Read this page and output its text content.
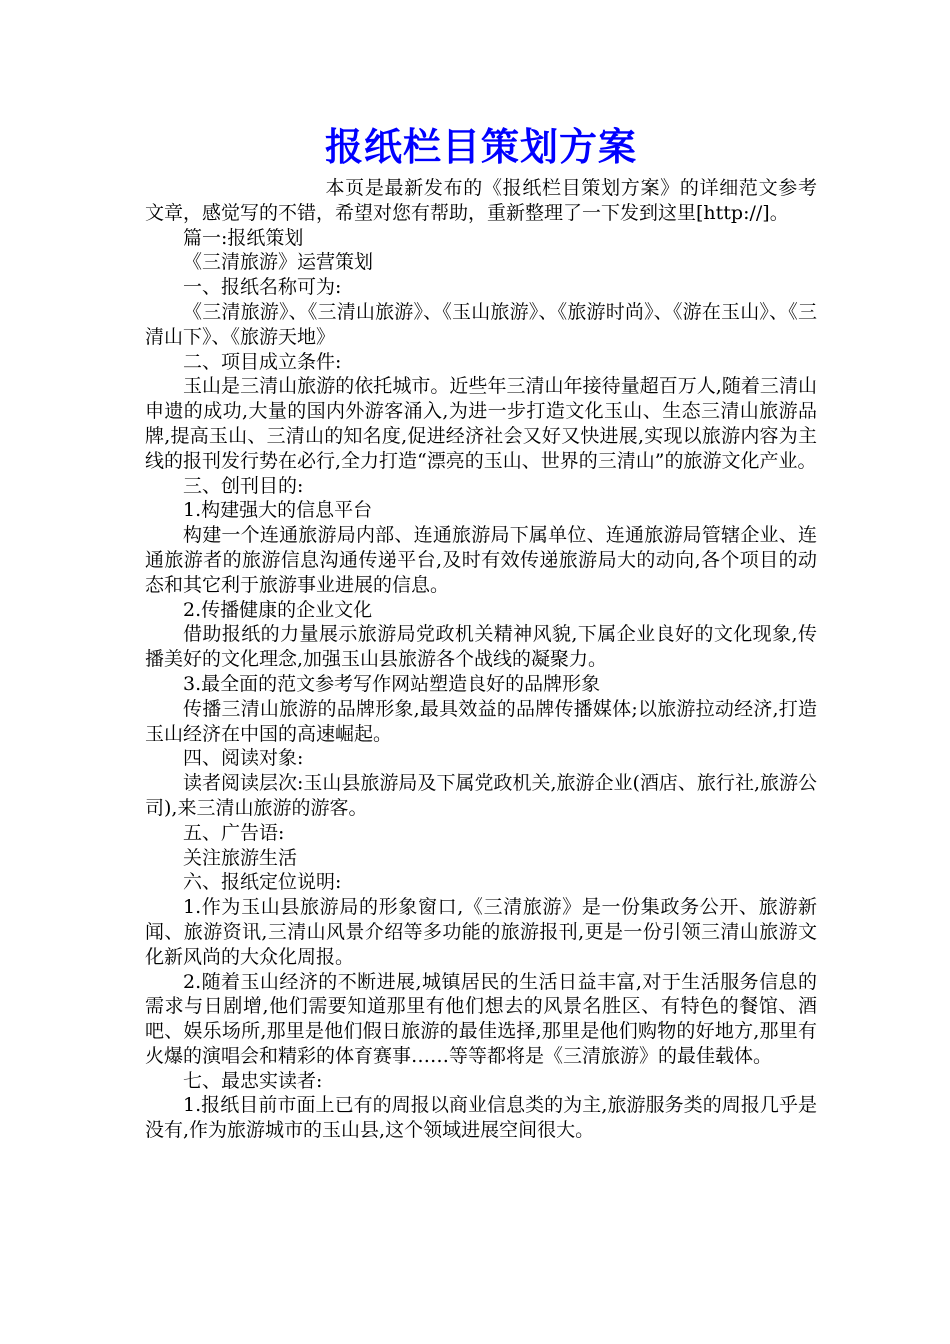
报纸栏目策划方案

本页是最新发布的《报纸栏目策划方案》的详细范文参考文章，感觉写的不错，希望对您有帮助，重新整理了一下发到这里[http://]。

篇一:报纸策划

《三清旅游》运营策划

一、报纸名称可为:

《三清旅游》、《三清山旅游》、《玉山旅游》、《旅游时尚》、《游在玉山》、《三清山下》、《旅游天地》

二、项目成立条件:

玉山是三清山旅游的依托城市。近些年三清山年接待量超百万人,随着三清山申遗的成功,大量的国内外游客涌入,为进一步打造文化玉山、生态三清山旅游品牌,提高玉山、三清山的知名度,促进经济社会又好又快进展,实现以旅游内容为主线的报刊发行势在必行,全力打造“漂亮的玉山、世界的三清山”的旅游文化产业。

三、创刊目的:

1.构建强大的信息平台

构建一个连通旅游局内部、连通旅游局下属单位、连通旅游局管辖企业、连通旅游者的旅游信息沟通传递平台,及时有效传递旅游局大的动向,各个项目的动态和其它利于旅游事业进展的信息。

2.传播健康的企业文化

借助报纸的力量展示旅游局党政机关精神风貌,下属企业良好的文化现象,传播美好的文化理念,加强玉山县旅游各个战线的凝聚力。

3.最全面的范文参考写作网站塑造良好的品牌形象

传播三清山旅游的品牌形象,最具效益的品牌传播媒体;以旅游拉动经济,打造玉山经济在中国的高速崛起。

四、阅读对象:

读者阅读层次:玉山县旅游局及下属党政机关,旅游企业(酒店、旅行社,旅游公司),来三清山旅游的游客。

五、广告语:

关注旅游生活

六、报纸定位说明:

1.作为玉山县旅游局的形象窗口,《三清旅游》是一份集政务公开、旅游新闻、旅游资讯,三清山风景介绍等多功能的旅游报刊,更是一份引领三清山旅游文化新风尚的大众化周报。

2.随着玉山经济的不断进展,城镇居民的生活日益丰富,对于生活服务信息的需求与日剧增,他们需要知道那里有他们想去的风景名胜区、有特色的餐馆、酒吧、娱乐场所,那里是他们假日旅游的最佳选择,那里是他们购物的好地方,那里有火爆的演唱会和精彩的体育赛事……等等都将是《三清旅游》的最佳载体。

七、最忠实读者:

1.报纸目前市面上已有的周报以商业信息类的为主,旅游服务类的周报几乎是没有,作为旅游城市的玉山县,这个领域进展空间很大。
